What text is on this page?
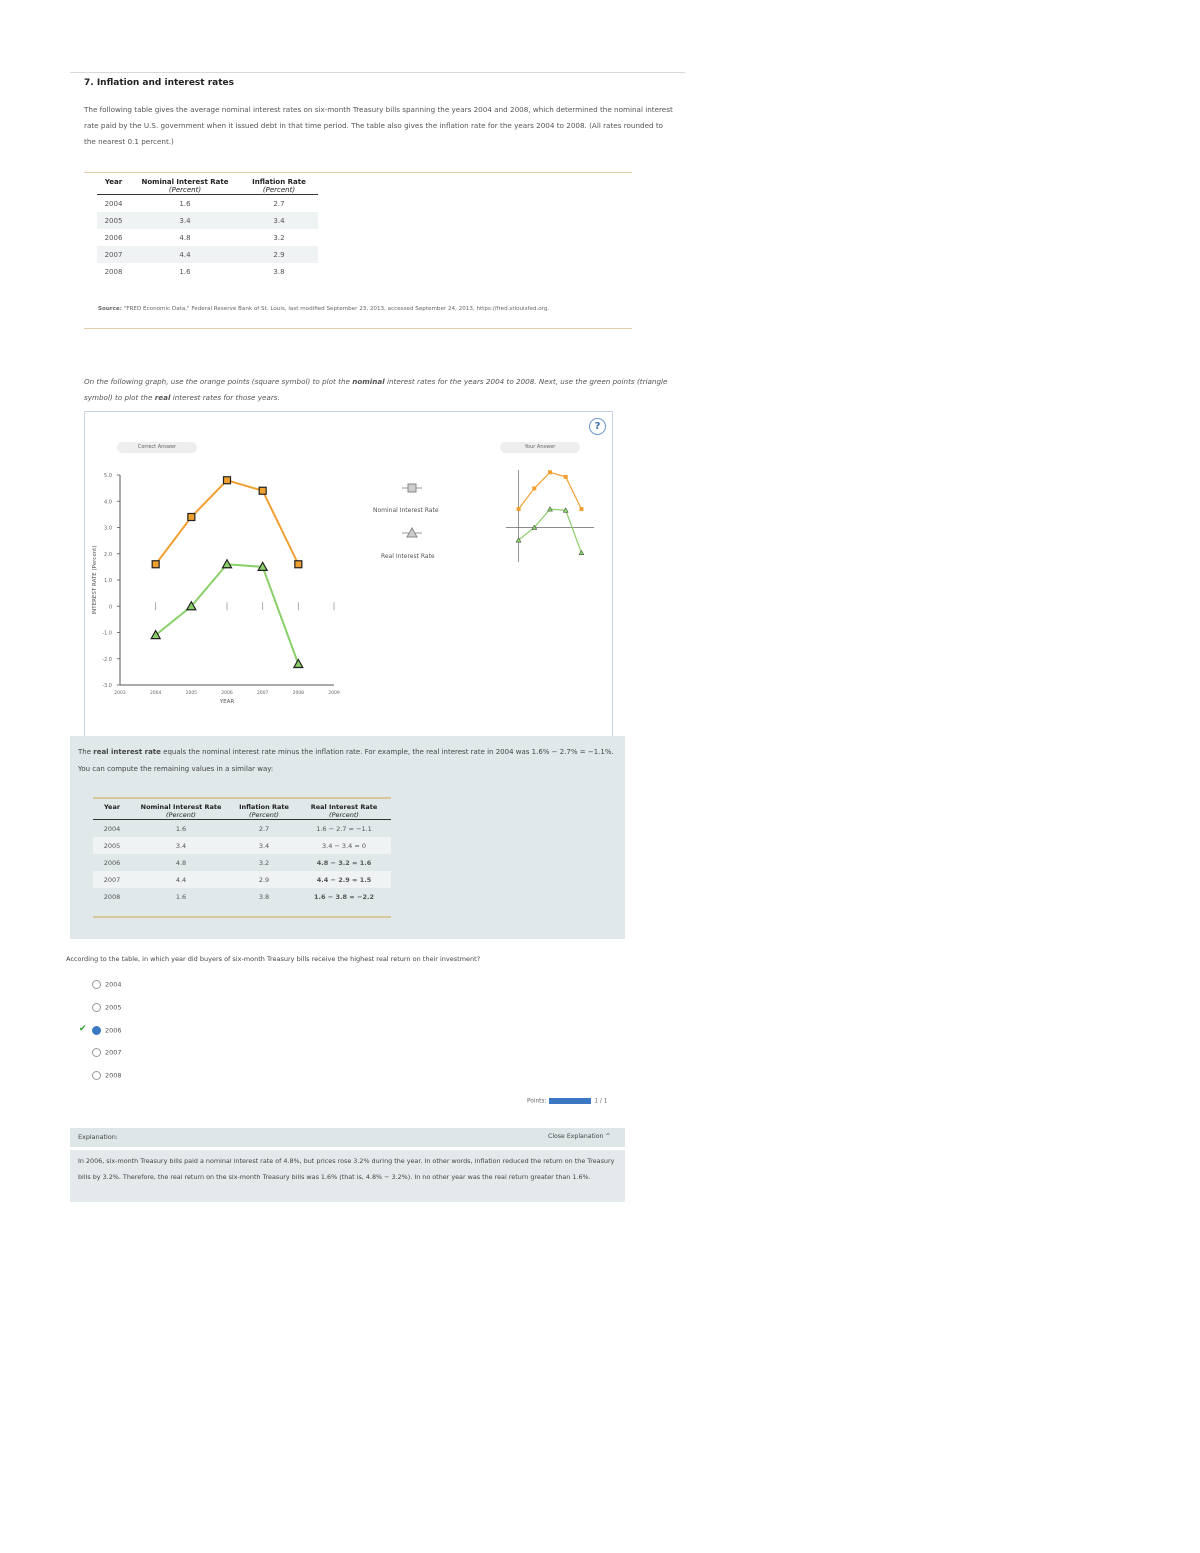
7. Inflation and interest rates
The following table gives the average nominal interest rates on six-month Treasury bills spanning the years 2004 and 2008, which determined the nominal interest rate paid by the U.S. government when it issued debt in that time period. The table also gives the inflation rate for the years 2004 to 2008. (All rates rounded to the nearest 0.1 percent.)
Year	Nominal Interest Rate	Inflation Rate
	(Percent)	(Percent)
2004	1.6	2.7
2005	3.4	3.4
2006	4.8	3.2
2007	4.4	2.9
2008	1.6	3.8
Source: "FRED Economic Data," Federal Reserve Bank of St. Louis, last modified September 23, 2013, accessed September 24, 2013, https://fred.stlouisfed.org.
On the following graph, use the orange points (square symbol) to plot the nominal interest rates for the years 2004 to 2008. Next, use the green points (triangle symbol) to plot the real interest rates for those years.
?
Correct Answer	Your Answer
5.0
4.0
3.0
2.0
1.0
0
-1.0
-2.0
-3.0
2003	2004	2005	2006	2007	2008	2009
YEAR
INTEREST RATE (Percent)
Nominal Interest Rate
Real Interest Rate
The real interest rate equals the nominal interest rate minus the inflation rate. For example, the real interest rate in 2004 was 1.6% − 2.7% = −1.1%. You can compute the remaining values in a similar way:
Year	Nominal Interest Rate	Inflation Rate	Real Interest Rate
	(Percent)	(Percent)	(Percent)
2004	1.6	2.7	1.6 − 2.7 = −1.1
2005	3.4	3.4	3.4 − 3.4 = 0
2006	4.8	3.2	4.8 − 3.2 = 1.6
2007	4.4	2.9	4.4 − 2.9 = 1.5
2008	1.6	3.8	1.6 − 3.8 = −2.2
According to the table, in which year did buyers of six-month Treasury bills receive the highest real return on their investment?
2004
2005
✔	2006
2007
2008
Points:	1 / 1
Explanation:	Close Explanation ^
In 2006, six-month Treasury bills paid a nominal interest rate of 4.8%, but prices rose 3.2% during the year. In other words, inflation reduced the return on the Treasury bills by 3.2%. Therefore, the real return on the six-month Treasury bills was 1.6% (that is, 4.8% − 3.2%). In no other year was the real return greater than 1.6%.
